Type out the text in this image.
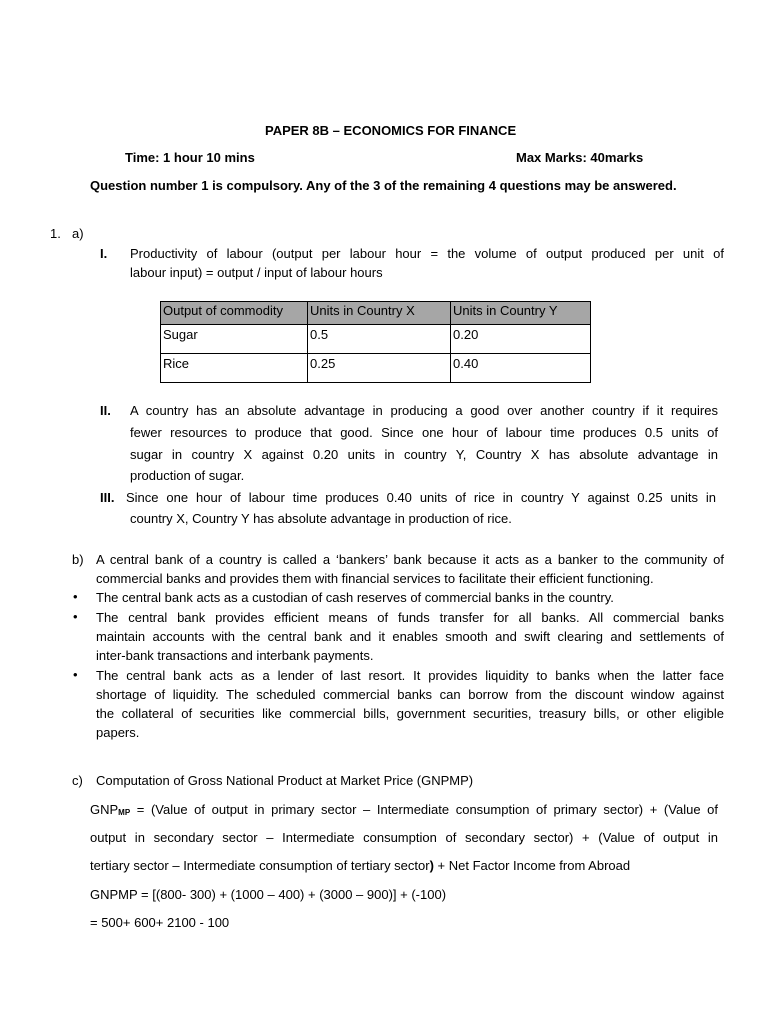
PAPER 8B – ECONOMICS FOR FINANCE
Time: 1 hour 10 mins	Max Marks: 40marks
Question number 1 is compulsory. Any of the 3 of the remaining 4 questions may be answered.
1. a)
I. Productivity of labour (output per labour hour = the volume of output produced per unit of
labour input) = output / input of labour hours
Output of commodity	Units in Country X	Units in Country Y
Sugar	0.5	0.20
Rice	0.25	0.40
II. A country has an absolute advantage in producing a good over another country if it requires
fewer resources to produce that good. Since one hour of labour time produces 0.5 units of
sugar in country X against 0.20 units in country Y, Country X has absolute advantage in
production of sugar.
III. Since one hour of labour time produces 0.40 units of rice in country Y against 0.25 units in
country X, Country Y has absolute advantage in production of rice.
b) A central bank of a country is called a ‘bankers’ bank because it acts as a banker to the community of
commercial banks and provides them with financial services to facilitate their efficient functioning.
• The central bank acts as a custodian of cash reserves of commercial banks in the country.
• The central bank provides efficient means of funds transfer for all banks. All commercial banks
maintain accounts with the central bank and it enables smooth and swift clearing and settlements of
inter-bank transactions and interbank payments.
• The central bank acts as a lender of last resort. It provides liquidity to banks when the latter face
shortage of liquidity. The scheduled commercial banks can borrow from the discount window against
the collateral of securities like commercial bills, government securities, treasury bills, or other eligible
papers.
c) Computation of Gross National Product at Market Price (GNPMP)
$GNP_{MP}$ = (Value of output in primary sector – Intermediate consumption of primary sector) + (Value of
output in secondary sector – Intermediate consumption of secondary sector) + (Value of output in
tertiary sector – Intermediate consumption of tertiary sector) + Net Factor Income from Abroad
GNPMP = [(800- 300) + (1000 – 400) + (3000 – 900)] + (-100)
= 500+ 600+ 2100 - 100
